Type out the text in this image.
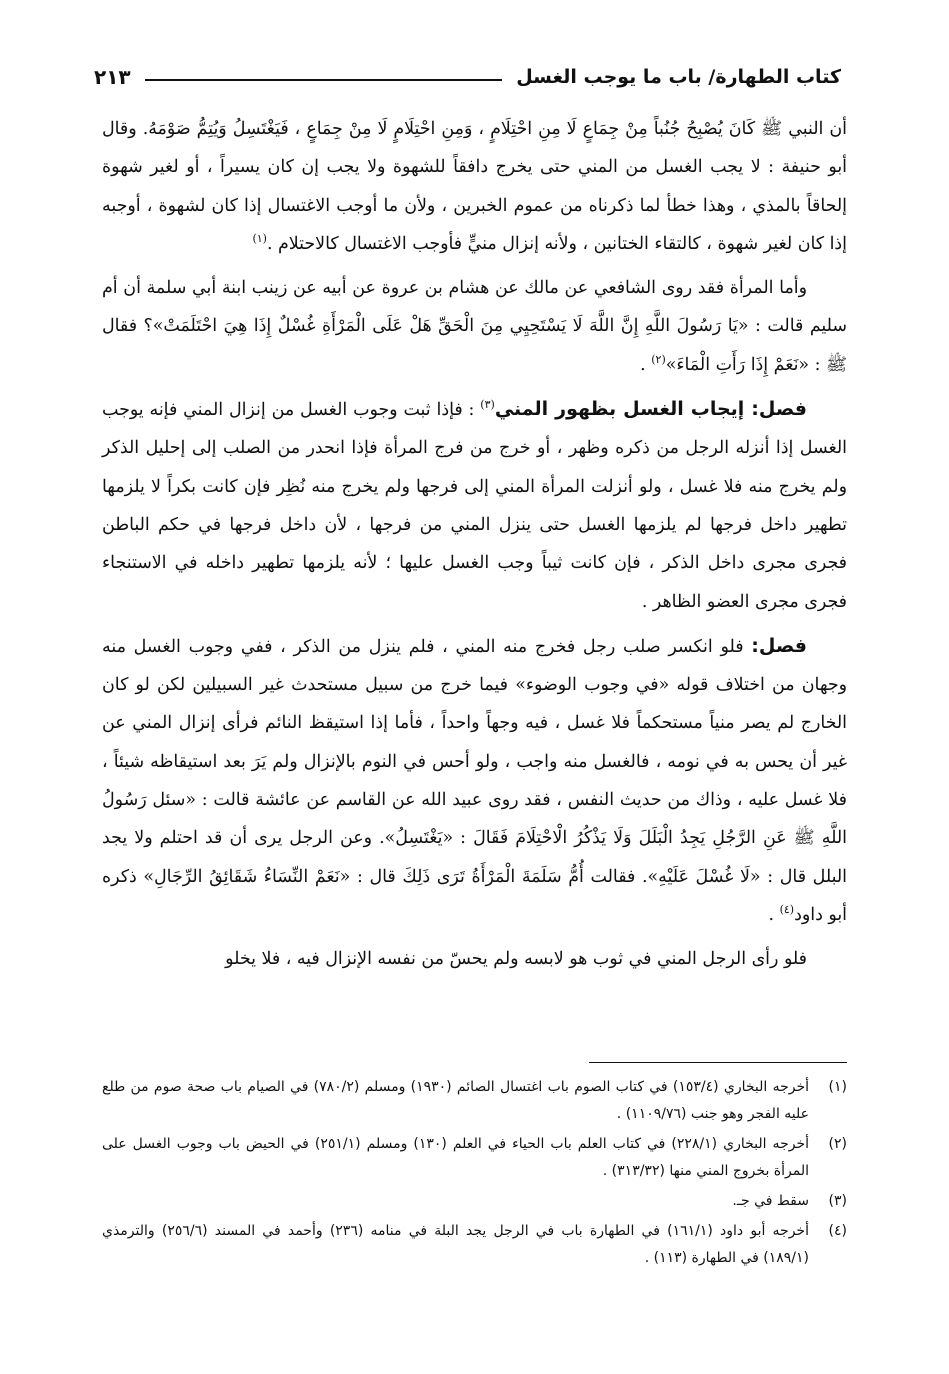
كتاب الطهارة/ باب ما يوجب الغسل
٢١٣

أن النبي ﷺ كَانَ يُصْبِحُ جُنُباً مِنْ جِمَاعٍ لَا مِنِ احْتِلَامٍ ، وَمِنِ احْتِلَامٍ لَا مِنْ جِمَاعٍ ، فَيَغْتَسِلُ وَيُتِمُّ صَوْمَهُ. وقال أبو حنيفة : لا يجب الغسل من المني حتى يخرج دافقاً للشهوة ولا يجب إن كان يسيراً ، أو لغير شهوة إلحاقاً بالمذي ، وهذا خطأ لما ذكرناه من عموم الخبرين ، ولأن ما أوجب الاغتسال إذا كان لشهوة ، أوجبه إذا كان لغير شهوة ، كالتقاء الختانين ، ولأنه إنزال منيٍّ فأوجب الاغتسال كالاحتلام .$^{(١)}$

وأما المرأة فقد روى الشافعي عن مالك عن هشام بن عروة عن أبيه عن زينب ابنة أبي سلمة أن أم سليم قالت : «يَا رَسُولَ اللَّهِ إِنَّ اللَّهَ لَا يَسْتَحِيِي مِنَ الْحَقِّ هَلْ عَلَى الْمَرْأَةِ غُسْلٌ إِذَا هِيَ احْتَلَمَتْ»؟ فقال ﷺ : «نَعَمْ إِذَا رَأَتِ الْمَاءَ»$^{(٢)}$ .

فصل: إيجاب الغسل بظهور المني$^{(٣)}$ : فإذا ثبت وجوب الغسل من إنزال المني فإنه يوجب الغسل إذا أنزله الرجل من ذكره وظهر ، أو خرج من فرج المرأة فإذا انحدر من الصلب إلى إحليل الذكر ولم يخرج منه فلا غسل ، ولو أنزلت المرأة المني إلى فرجها ولم يخرج منه نُظِر فإن كانت بكراً لا يلزمها تطهير داخل فرجها لم يلزمها الغسل حتى ينزل المني من فرجها ، لأن داخل فرجها في حكم الباطن فجرى مجرى داخل الذكر ، فإن كانت ثيباً وجب الغسل عليها ؛ لأنه يلزمها تطهير داخله في الاستنجاء فجرى مجرى العضو الظاهر .

فصل: فلو انكسر صلب رجل فخرج منه المني ، فلم ينزل من الذكر ، ففي وجوب الغسل منه وجهان من اختلاف قوله «في وجوب الوضوء» فيما خرج من سبيل مستحدث غير السبيلين لكن لو كان الخارج لم يصر منياً مستحكماً فلا غسل ، فيه وجهاً واحداً ، فأما إذا استيقظ النائم فرأى إنزال المني عن غير أن يحس به في نومه ، فالغسل منه واجب ، ولو أحس في النوم بالإنزال ولم يَرَ بعد استيقاظه شيئاً ، فلا غسل عليه ، وذاك من حديث النفس ، فقد روى عبيد الله عن القاسم عن عائشة قالت : «سئل رَسُولُ اللَّهِ ﷺ عَنِ الرَّجُلِ يَجِدُ الْبَلَلَ وَلَا يَذْكُرُ الْاحْتِلَامَ فَقَالَ : «يَغْتَسِلُ». وعن الرجل يرى أن قد احتلم ولا يجد البلل قال : «لَا غُسْلَ عَلَيْهِ». فقالت أُمُّ سَلَمَةَ الْمَرْأَةُ تَرَى ذَلِكَ قال : «نَعَمْ النِّسَاءُ شَقَائِقُ الرِّجَالِ» ذكره أبو داود$^{(٤)}$ .

فلو رأى الرجل المني في ثوب هو لابسه ولم يحسّ من نفسه الإنزال فيه ، فلا يخلو

(١)
أخرجه البخاري (١٥٣/٤) في كتاب الصوم باب اغتسال الصائم (١٩٣٠) ومسلم (٧٨٠/٢) في الصيام باب صحة صوم من طلع عليه الفجر وهو جنب (١١٠٩/٧٦) .
(٢)
أخرجه البخاري (٢٢٨/١) في كتاب العلم باب الحياء في العلم (١٣٠) ومسلم (٢٥١/١) في الحيض باب وجوب الغسل على المرأة بخروج المني منها (٣١٣/٣٢) .
(٣)
سقط في جـ.
(٤)
أخرجه أبو داود (١٦١/١) في الطهارة باب في الرجل يجد البلة في منامه (٢٣٦) وأحمد في المسند (٢٥٦/٦) والترمذي (١٨٩/١) في الطهارة (١١٣) .
